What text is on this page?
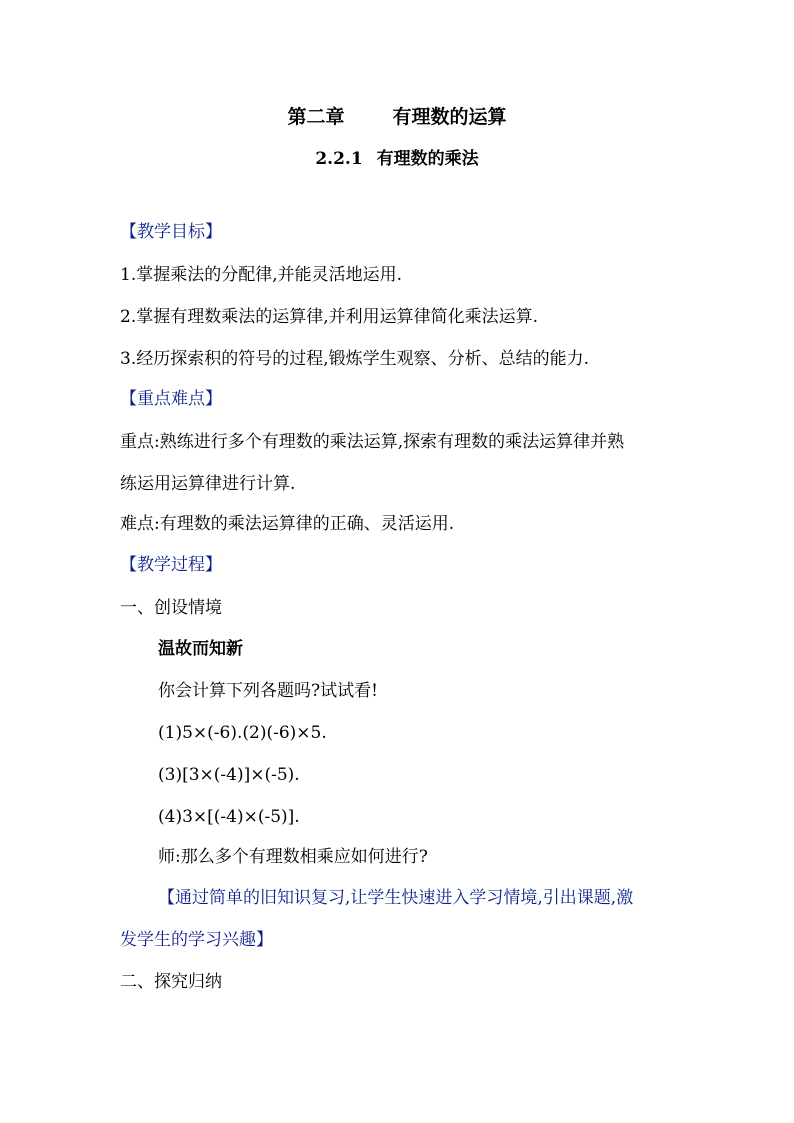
第二章	有理数的运算
2.2.1 有理数的乘法
【教学目标】
1.掌握乘法的分配律,并能灵活地运用.
2.掌握有理数乘法的运算律,并利用运算律简化乘法运算.
3.经历探索积的符号的过程,锻炼学生观察、分析、总结的能力.
【重点难点】
重点:熟练进行多个有理数的乘法运算,探索有理数的乘法运算律并熟
练运用运算律进行计算.
难点:有理数的乘法运算律的正确、灵活运用.
【教学过程】
一、创设情境
温故而知新
你会计算下列各题吗?试试看!
(1)5×(-6).(2)(-6)×5.
(3)[3×(-4)]×(-5).
(4)3×[(-4)×(-5)].
师:那么多个有理数相乘应如何进行?
【通过简单的旧知识复习,让学生快速进入学习情境,引出课题,激
发学生的学习兴趣】
二、探究归纳
